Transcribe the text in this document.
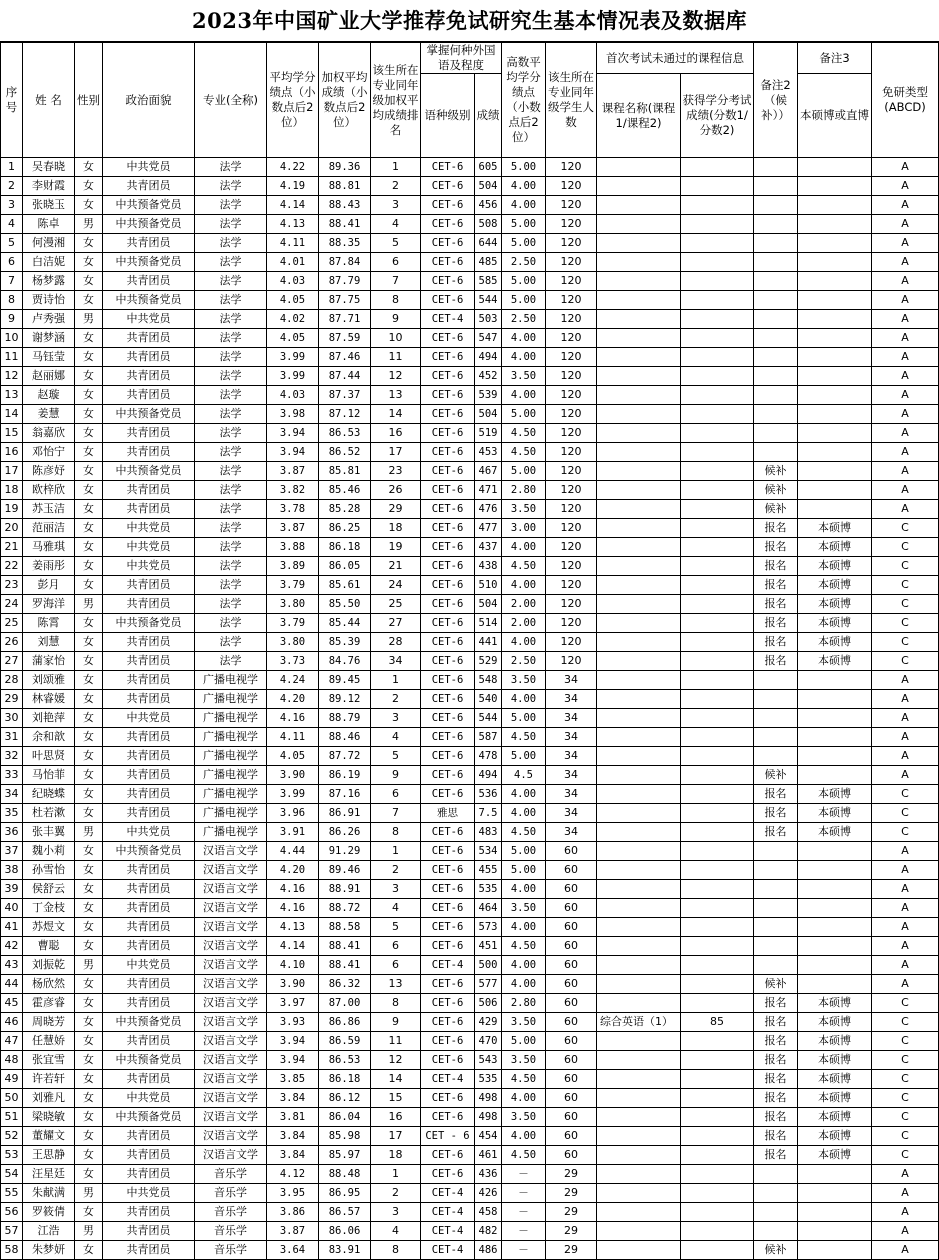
2023年中国矿业大学推荐免试研究生基本情况表及数据库
序号	姓 名	性别	政治面貌	专业(全称)	平均学分绩点（小数点后2位）	加权平均成绩（小数点后2位）	该生所在专业同年级加权平均成绩排名	掌握何种外国语及程度		高数平均学分绩点（小数点后2位）	该生所在专业同年级学生人数	首次考试未通过的课程信息		备注2（候补））	备注3	免研类型(ABCD)
								语种级别	成绩			课程名称(课程1/课程2)	获得学分考试成绩(分数1/分数2)		本硕博或直博	
1	吴春晓	女	中共党员	法学	4.22	89.36	1	CET-6	605	5.00	120					A
2	李财霞	女	共青团员	法学	4.19	88.81	2	CET-6	504	4.00	120					A
3	张晓玉	女	中共预备党员	法学	4.14	88.43	3	CET-6	456	4.00	120					A
4	陈卓	男	中共预备党员	法学	4.13	88.41	4	CET-6	508	5.00	120					A
5	何漫湘	女	共青团员	法学	4.11	88.35	5	CET-6	644	5.00	120					A
6	白洁妮	女	中共预备党员	法学	4.01	87.84	6	CET-6	485	2.50	120					A
7	杨梦露	女	共青团员	法学	4.03	87.79	7	CET-6	585	5.00	120					A
8	贾诗怡	女	中共预备党员	法学	4.05	87.75	8	CET-6	544	5.00	120					A
9	卢秀强	男	中共党员	法学	4.02	87.71	9	CET-4	503	2.50	120					A
10	谢梦涵	女	共青团员	法学	4.05	87.59	10	CET-6	547	4.00	120					A
11	马钰莹	女	共青团员	法学	3.99	87.46	11	CET-6	494	4.00	120					A
12	赵丽娜	女	共青团员	法学	3.99	87.44	12	CET-6	452	3.50	120					A
13	赵璇	女	共青团员	法学	4.03	87.37	13	CET-6	539	4.00	120					A
14	姜慧	女	中共预备党员	法学	3.98	87.12	14	CET-6	504	5.00	120					A
15	翁嘉欣	女	共青团员	法学	3.94	86.53	16	CET-6	519	4.50	120					A
16	邓怡宁	女	共青团员	法学	3.94	86.52	17	CET-6	453	4.50	120					A
17	陈彦妤	女	中共预备党员	法学	3.87	85.81	23	CET-6	467	5.00	120			候补		A
18	欧梓欣	女	共青团员	法学	3.82	85.46	26	CET-6	471	2.80	120			候补		A
19	苏玉洁	女	共青团员	法学	3.78	85.28	29	CET-6	476	3.50	120			候补		A
20	范丽洁	女	中共党员	法学	3.87	86.25	18	CET-6	477	3.00	120			报名	本硕博	C
21	马雅琪	女	中共党员	法学	3.88	86.18	19	CET-6	437	4.00	120			报名	本硕博	C
22	姜雨彤	女	中共党员	法学	3.89	86.05	21	CET-6	438	4.50	120			报名	本硕博	C
23	彭月	女	共青团员	法学	3.79	85.61	24	CET-6	510	4.00	120			报名	本硕博	C
24	罗海洋	男	共青团员	法学	3.80	85.50	25	CET-6	504	2.00	120			报名	本硕博	C
25	陈霄	女	中共预备党员	法学	3.79	85.44	27	CET-6	514	2.00	120			报名	本硕博	C
26	刘慧	女	共青团员	法学	3.80	85.39	28	CET-6	441	4.00	120			报名	本硕博	C
27	蒲家怡	女	共青团员	法学	3.73	84.76	34	CET-6	529	2.50	120			报名	本硕博	C
28	刘颂雅	女	共青团员	广播电视学	4.24	89.45	1	CET-6	548	3.50	34					A
29	林睿媛	女	共青团员	广播电视学	4.20	89.12	2	CET-6	540	4.00	34					A
30	刘艳萍	女	中共党员	广播电视学	4.16	88.79	3	CET-6	544	5.00	34					A
31	余和歆	女	共青团员	广播电视学	4.11	88.46	4	CET-6	587	4.50	34					A
32	叶思贤	女	共青团员	广播电视学	4.05	87.72	5	CET-6	478	5.00	34					A
33	马怡菲	女	共青团员	广播电视学	3.90	86.19	9	CET-6	494	4.5	34			候补		A
34	纪晓蝶	女	共青团员	广播电视学	3.99	87.16	6	CET-6	536	4.00	34			报名	本硕博	C
35	杜若漱	女	共青团员	广播电视学	3.96	86.91	7	雅思	7.5	4.00	34			报名	本硕博	C
36	张丰翼	男	中共党员	广播电视学	3.91	86.26	8	CET-6	483	4.50	34			报名	本硕博	C
37	魏小莉	女	中共预备党员	汉语言文学	4.44	91.29	1	CET-6	534	5.00	60					A
38	孙雪怡	女	共青团员	汉语言文学	4.20	89.46	2	CET-6	455	5.00	60					A
39	侯舒云	女	共青团员	汉语言文学	4.16	88.91	3	CET-6	535	4.00	60					A
40	丁金枝	女	共青团员	汉语言文学	4.16	88.72	4	CET-6	464	3.50	60					A
41	苏煜文	女	共青团员	汉语言文学	4.13	88.58	5	CET-6	573	4.00	60					A
42	曹聪	女	共青团员	汉语言文学	4.14	88.41	6	CET-6	451	4.50	60					A
43	刘振乾	男	中共党员	汉语言文学	4.10	88.41	6	CET-4	500	4.00	60					A
44	杨欣然	女	共青团员	汉语言文学	3.90	86.32	13	CET-6	577	4.00	60			候补		A
45	霍彦睿	女	共青团员	汉语言文学	3.97	87.00	8	CET-6	506	2.80	60			报名	本硕博	C
46	周晓芳	女	中共预备党员	汉语言文学	3.93	86.86	9	CET-6	429	3.50	60	综合英语（1）	85	报名	本硕博	C
47	任慧娇	女	共青团员	汉语言文学	3.94	86.59	11	CET-6	470	5.00	60			报名	本硕博	C
48	张宜雪	女	中共预备党员	汉语言文学	3.94	86.53	12	CET-6	543	3.50	60			报名	本硕博	C
49	许若轩	女	共青团员	汉语言文学	3.85	86.18	14	CET-4	535	4.50	60			报名	本硕博	C
50	刘雅凡	女	中共党员	汉语言文学	3.84	86.12	15	CET-6	498	4.00	60			报名	本硕博	C
51	梁晓敏	女	中共预备党员	汉语言文学	3.81	86.04	16	CET-6	498	3.50	60			报名	本硕博	C
52	董耀文	女	共青团员	汉语言文学	3.84	85.98	17	CET - 6	454	4.00	60			报名	本硕博	C
53	王思静	女	共青团员	汉语言文学	3.84	85.97	18	CET-6	461	4.50	60			报名	本硕博	C
54	汪星廷	女	共青团员	音乐学	4.12	88.48	1	CET-6	436	－	29					A
55	朱献满	男	中共党员	音乐学	3.95	86.95	2	CET-4	426	－	29					A
56	罗筱倩	女	共青团员	音乐学	3.86	86.57	3	CET-4	458	－	29					A
57	江浩	男	共青团员	音乐学	3.87	86.06	4	CET-4	482	－	29					A
58	朱梦妍	女	共青团员	音乐学	3.64	83.91	8	CET-4	486	－	29			候补		A
